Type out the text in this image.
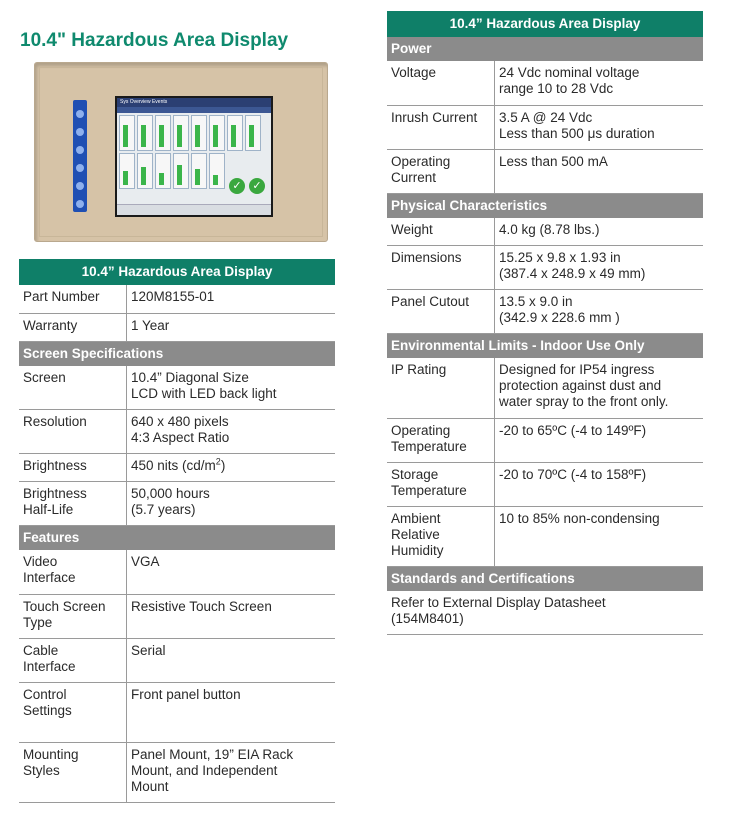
10.4" Hazardous Area Display
Sys Overview Events
✓ ✓
10.4” Hazardous Area Display	
Part Number	120M8155-01
Warranty	1 Year
Screen Specifications	
Screen	10.4” Diagonal Size
LCD with LED back light
Resolution	640 x 480 pixels
4:3 Aspect Ratio
Brightness	450 nits $(cd/m^2)$
Brightness
Half-Life	50,000 hours
(5.7 years)
Features	
Video
Interface	VGA
Touch Screen
Type	Resistive Touch Screen
Cable
Interface	Serial
Control
Settings	Front panel button
Mounting
Styles	Panel Mount, 19” EIA Rack
Mount, and Independent
Mount
10.4” Hazardous Area Display	
Power	
Voltage	24 Vdc nominal voltage
range 10 to 28 Vdc
Inrush Current	3.5 A @ 24 Vdc
Less than 500 μs duration
Operating
Current	Less than 500 mA
Physical Characteristics	
Weight	4.0 kg (8.78 lbs.)
Dimensions	15.25 x 9.8 x 1.93 in
(387.4 x 248.9 x 49 mm)
Panel Cutout	13.5 x 9.0 in
(342.9 x 228.6 mm )
Environmental Limits - Indoor Use Only	
IP Rating	Designed for IP54 ingress
protection against dust and
water spray to the front only.
Operating
Temperature	-20 to 65ºC (-4 to 149ºF)
Storage
Temperature	-20 to 70ºC (-4 to 158ºF)
Ambient
Relative
Humidity	10 to 85% non-condensing
Standards and Certifications	
Refer to External Display Datasheet
(154M8401)	
